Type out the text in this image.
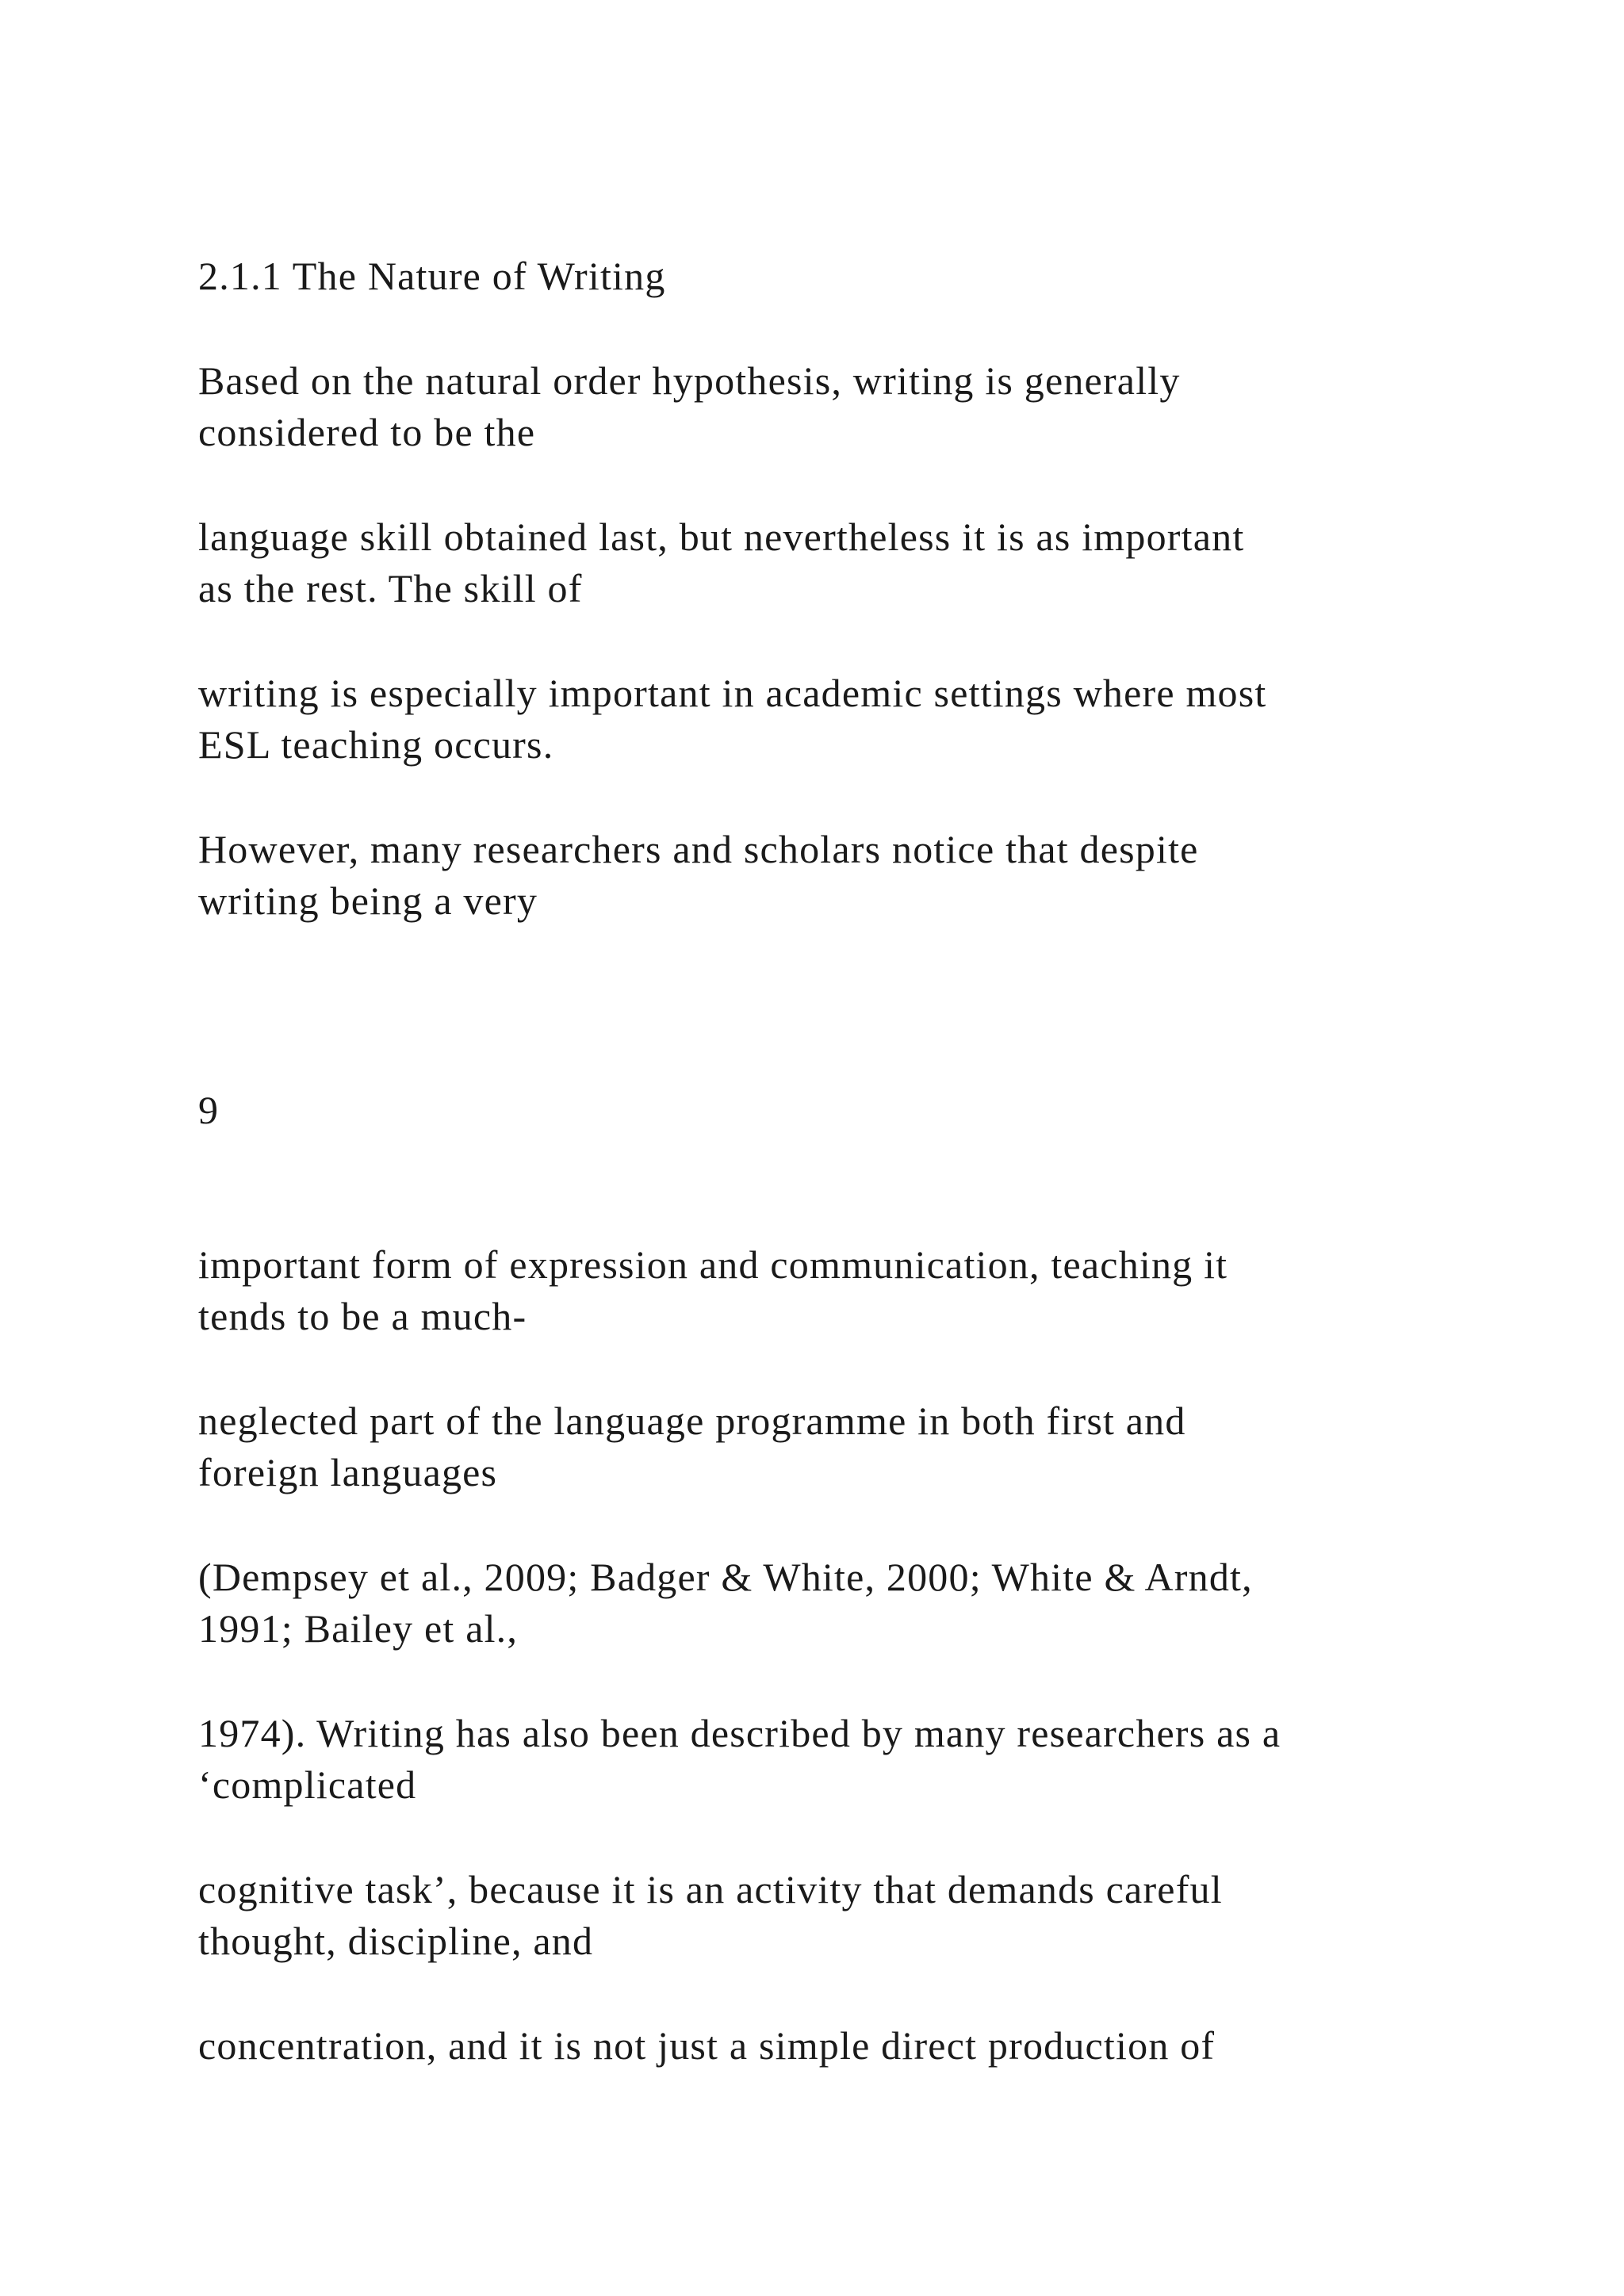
2.1.1 The Nature of Writing
Based on the natural order hypothesis, writing is generally
considered to be the
language skill obtained last, but nevertheless it is as important
as the rest. The skill of
writing is especially important in academic settings where most
ESL teaching occurs.
However, many researchers and scholars notice that despite
writing being a very
9
important form of expression and communication, teaching it
tends to be a much-
neglected part of the language programme in both first and
foreign languages
(Dempsey et al., 2009; Badger & White, 2000; White & Arndt,
1991; Bailey et al.,
1974). Writing has also been described by many researchers as a
‘complicated
cognitive task’, because it is an activity that demands careful
thought, discipline, and
concentration, and it is not just a simple direct production of
